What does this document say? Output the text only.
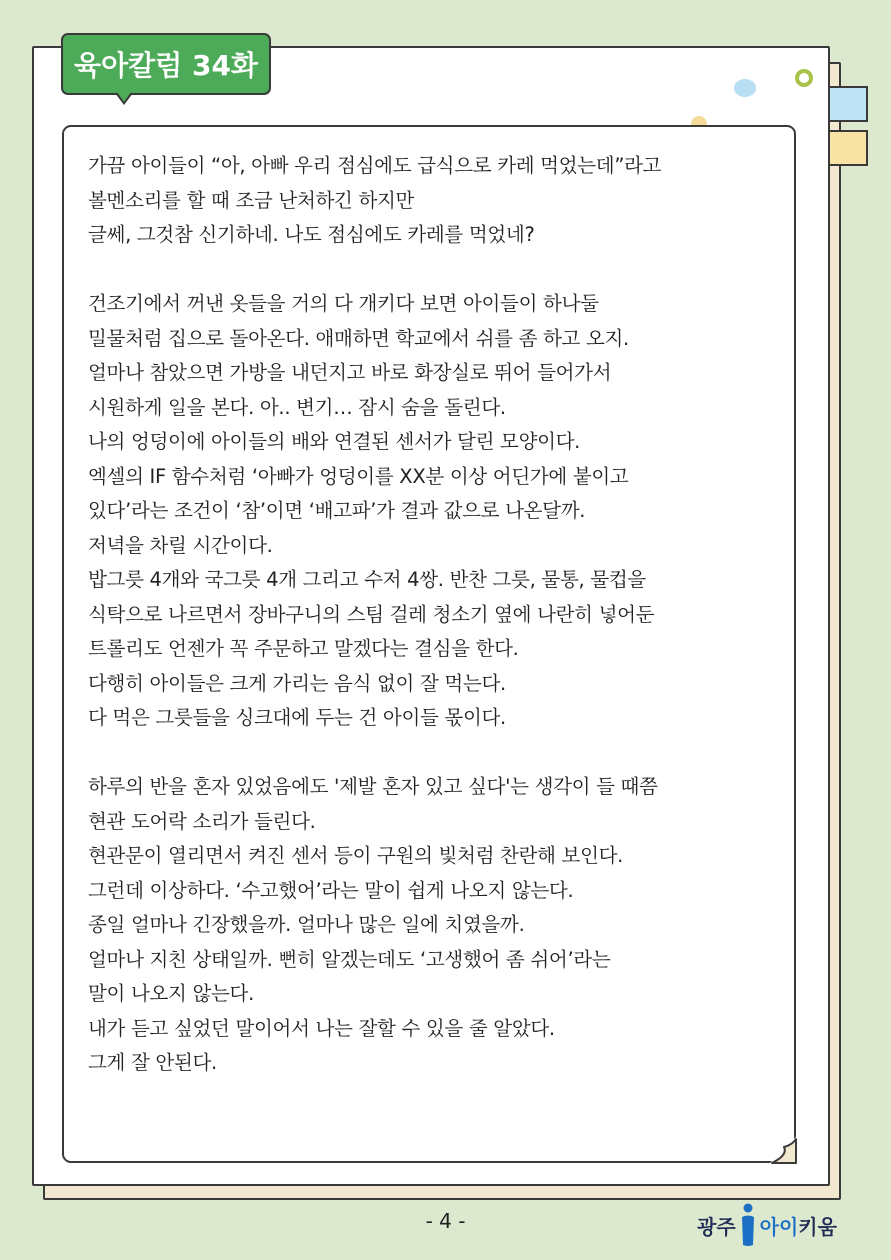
육아칼럼 34화

가끔 아이들이 “아, 아빠 우리 점심에도 급식으로 카레 먹었는데”라고

볼멘소리를 할 때 조금 난처하긴 하지만

글쎄, 그것참 신기하네. 나도 점심에도 카레를 먹었네?

건조기에서 꺼낸 옷들을 거의 다 개키다 보면 아이들이 하나둘

밀물처럼 집으로 돌아온다. 애매하면 학교에서 쉬를 좀 하고 오지.

얼마나 참았으면 가방을 내던지고 바로 화장실로 뛰어 들어가서

시원하게 일을 본다. 아.. 변기… 잠시 숨을 돌린다.

나의 엉덩이에 아이들의 배와 연결된 센서가 달린 모양이다.

엑셀의 IF 함수처럼 ‘아빠가 엉덩이를 XX분 이상 어딘가에 붙이고

있다’라는 조건이 ‘참’이면 ‘배고파’가 결과 값으로 나온달까.

저녁을 차릴 시간이다.

밥그릇 4개와 국그릇 4개 그리고 수저 4쌍. 반찬 그릇, 물통, 물컵을

식탁으로 나르면서 장바구니의 스팀 걸레 청소기 옆에 나란히 넣어둔

트롤리도 언젠가 꼭 주문하고 말겠다는 결심을 한다.

다행히 아이들은 크게 가리는 음식 없이 잘 먹는다.

다 먹은 그릇들을 싱크대에 두는 건 아이들 몫이다.

하루의 반을 혼자 있었음에도 '제발 혼자 있고 싶다'는 생각이 들 때쯤

현관 도어락 소리가 들린다.

현관문이 열리면서 켜진 센서 등이 구원의 빛처럼 찬란해 보인다.

그런데 이상하다. ‘수고했어’라는 말이 쉽게 나오지 않는다.

종일 얼마나 긴장했을까. 얼마나 많은 일에 치였을까.

얼마나 지친 상태일까. 뻔히 알겠는데도 ‘고생했어 좀 쉬어’라는

말이 나오지 않는다.

내가 듣고 싶었던 말이어서 나는 잘할 수 있을 줄 알았다.

그게 잘 안된다.

- 4 -	광주 아이 키움
